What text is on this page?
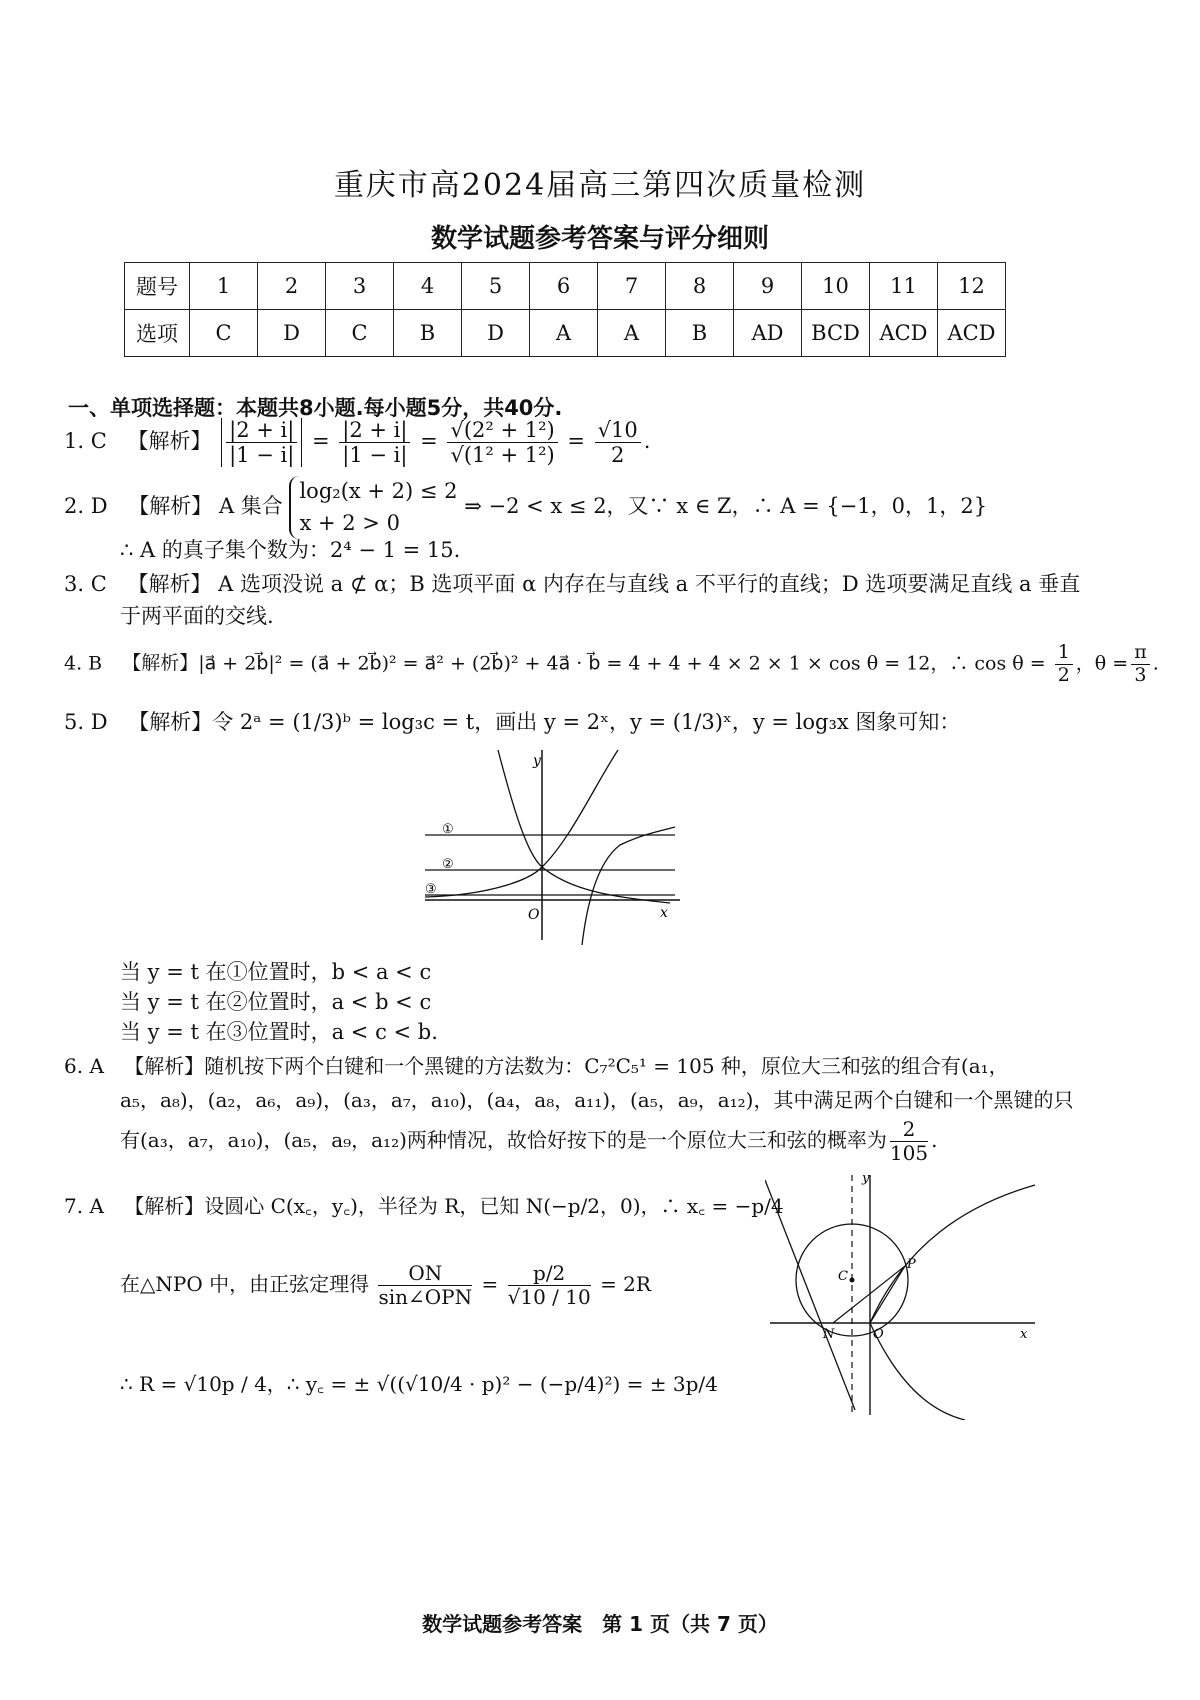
重庆市高2024届高三第四次质量检测
数学试题参考答案与评分细则
题号	1	2	3	4	5	6	7	8	9	10	11	12
选项	C	D	C	B	D	A	A	B	AD	BCD	ACD	ACD
一、单项选择题：本题共8小题.每小题5分，共40分.
1. C 【解析】 $\frac{|2 + i|}{|1 - i|} = \frac{|2 + i|}{|1 - i|} = \frac{\text{√(2² + 1²)}}{\text{√(1² + 1²)}} = \frac{√10}{2}$ .
2. D 【解析】 A 集合
log₂(x + 2) ≤ 2
x + 2 > 0
⇒ −2 < x ≤ 2，又∵ x ∈ Z，∴ A = {−1，0，1，2}
∴ A 的真子集个数为：2⁴ − 1 = 15.
3. C 【解析】 A 选项没说 a ⊄ α；B 选项平面 α 内存在与直线 a 不平行的直线；D 选项要满足直线 a 垂直
于两平面的交线.
4. B 【解析】|a⃗ + 2b⃗|² = (a⃗ + 2b⃗)² = a⃗² + (2b⃗)² + 4a⃗ · b⃗ = 4 + 4 + 4 × 2 × 1 × cos θ = 12，∴ $\cos \theta = \frac{1}{2}$ ，$\theta = \frac{\pi}{3}$ .
5. D 【解析】令 2ᵃ = (1/3)ᵇ = log₃c = t，画出 y = 2ˣ，y = (1/3)ˣ，y = log₃x 图象可知：
y
x
O
①
②
③
当 y = t 在①位置时，b < a < c
当 y = t 在②位置时，a < b < c
当 y = t 在③位置时，a < c < b.
6. A 【解析】随机按下两个白键和一个黑键的方法数为：C₇²C₅¹ = 105 种，原位大三和弦的组合有(a₁，
a₅，a₈)，(a₂，a₆，a₉)，(a₃，a₇，a₁₀)，(a₄，a₈，a₁₁)，(a₅，a₉，a₁₂)，其中满足两个白键和一个黑键的只
有(a₃，a₇，a₁₀)，(a₅，a₉，a₁₂)两种情况，故恰好按下的是一个原位大三和弦的概率为 $\frac{2}{105}$ .
7. A 【解析】设圆心 C(x꜀，y꜀)，半径为 R，已知 N(−p/2，0)，∴ x꜀ = −p/4
在△NPO 中，由正弦定理得 $\frac{ON}{\text{sin∠OPN}} = \frac{p/2}{√10 / 10} = 2R$
∴ R = √10p / 4，∴ y꜀ = ± √((√10/4 · p)² − (−p/4)²) = ± 3p/4
y
x
O
N
C
P
数学试题参考答案　第 1 页（共 7 页）
